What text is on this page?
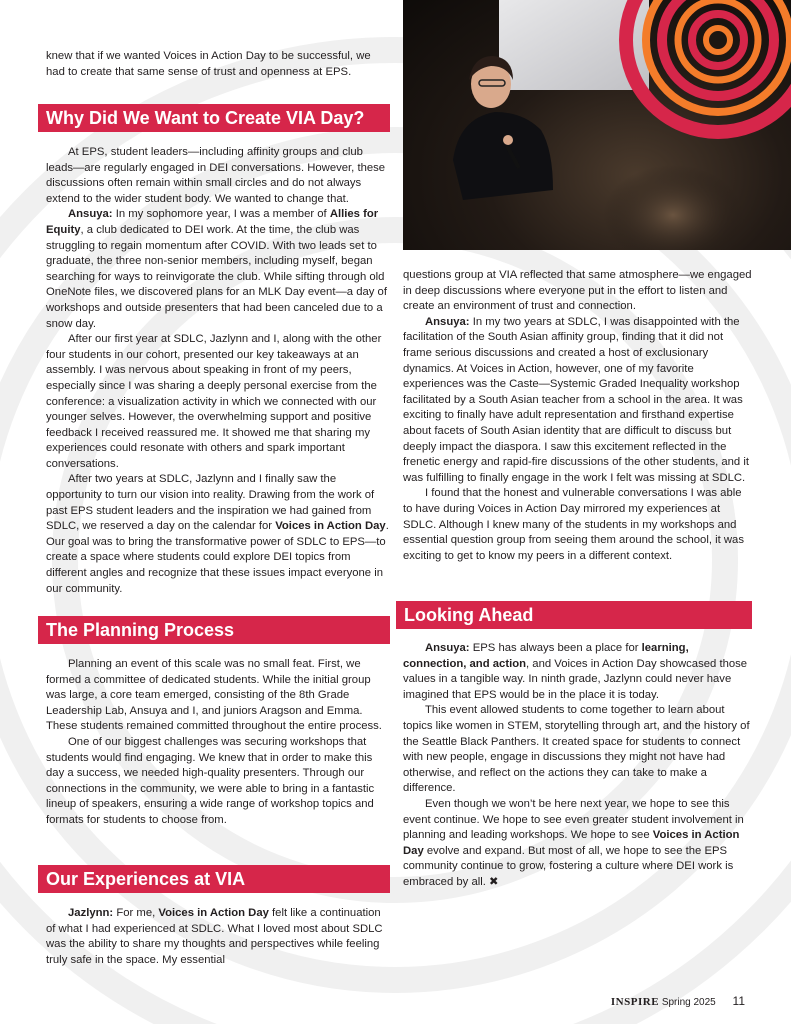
knew that if we wanted Voices in Action Day to be successful, we had to create that same sense of trust and openness at EPS.

Why Did We Want to Create VIA Day?

At EPS, student leaders—including affinity groups and club leads—are regularly engaged in DEI conversations. However, these discussions often remain within small circles and do not always extend to the wider student body. We wanted to change that.

Ansuya: In my sophomore year, I was a member of Allies for Equity, a club dedicated to DEI work. At the time, the club was struggling to regain momentum after COVID. With two leads set to graduate, the three non-senior members, including myself, began searching for ways to reinvigorate the club. While sifting through old OneNote files, we discovered plans for an MLK Day event—a day of workshops and outside presenters that had been canceled due to a snow day.

After our first year at SDLC, Jazlynn and I, along with the other four students in our cohort, presented our key takeaways at an assembly. I was nervous about speaking in front of my peers, especially since I was sharing a deeply personal exercise from the conference: a visualization activity in which we connected with our younger selves. However, the overwhelming support and positive feedback I received reassured me. It showed me that sharing my experiences could resonate with others and spark important conversations.

After two years at SDLC, Jazlynn and I finally saw the opportunity to turn our vision into reality. Drawing from the work of past EPS student leaders and the inspiration we had gained from SDLC, we reserved a day on the calendar for Voices in Action Day. Our goal was to bring the transformative power of SDLC to EPS—to create a space where students could explore DEI topics from different angles and recognize that these issues impact everyone in our community.

The Planning Process

Planning an event of this scale was no small feat. First, we formed a committee of dedicated students. While the initial group was large, a core team emerged, consisting of the 8th Grade Leadership Lab, Ansuya and I, and juniors Aragson and Emma. These students remained committed throughout the entire process.

One of our biggest challenges was securing workshops that students would find engaging. We knew that in order to make this day a success, we needed high-quality presenters. Through our connections in the community, we were able to bring in a fantastic lineup of speakers, ensuring a wide range of workshop topics and formats for students to choose from.

Our Experiences at VIA

Jazlynn: For me, Voices in Action Day felt like a continuation of what I had experienced at SDLC. What I loved most about SDLC was the ability to share my thoughts and perspectives while feeling truly safe in the space. My essential

questions group at VIA reflected that same atmosphere—we engaged in deep discussions where everyone put in the effort to listen and create an environment of trust and connection.

Ansuya: In my two years at SDLC, I was disappointed with the facilitation of the South Asian affinity group, finding that it did not frame serious discussions and created a host of exclusionary dynamics. At Voices in Action, however, one of my favorite experiences was the Caste—Systemic Graded Inequality workshop facilitated by a South Asian teacher from a school in the area. It was exciting to finally have adult representation and firsthand expertise about facets of South Asian identity that are difficult to discuss but deeply impact the diaspora. I saw this excitement reflected in the frenetic energy and rapid-fire discussions of the other students, and it was fulfilling to finally engage in the work I felt was missing at SDLC.

I found that the honest and vulnerable conversations I was able to have during Voices in Action Day mirrored my experiences at SDLC. Although I knew many of the students in my workshops and essential question group from seeing them around the school, it was exciting to get to know my peers in a different context.

Looking Ahead

Ansuya: EPS has always been a place for learning, connection, and action, and Voices in Action Day showcased those values in a tangible way. In ninth grade, Jazlynn could never have imagined that EPS would be in the place it is today.

This event allowed students to come together to learn about topics like women in STEM, storytelling through art, and the history of the Seattle Black Panthers. It created space for students to connect with new people, engage in discussions they might not have had otherwise, and reflect on the actions they can take to make a difference.

Even though we won’t be here next year, we hope to see this event continue. We hope to see even greater student involvement in planning and leading workshops. We hope to see Voices in Action Day evolve and expand. But most of all, we hope to see the EPS community continue to grow, fostering a culture where DEI work is embraced by all. ✖

INSPIRE Spring 2025 11
